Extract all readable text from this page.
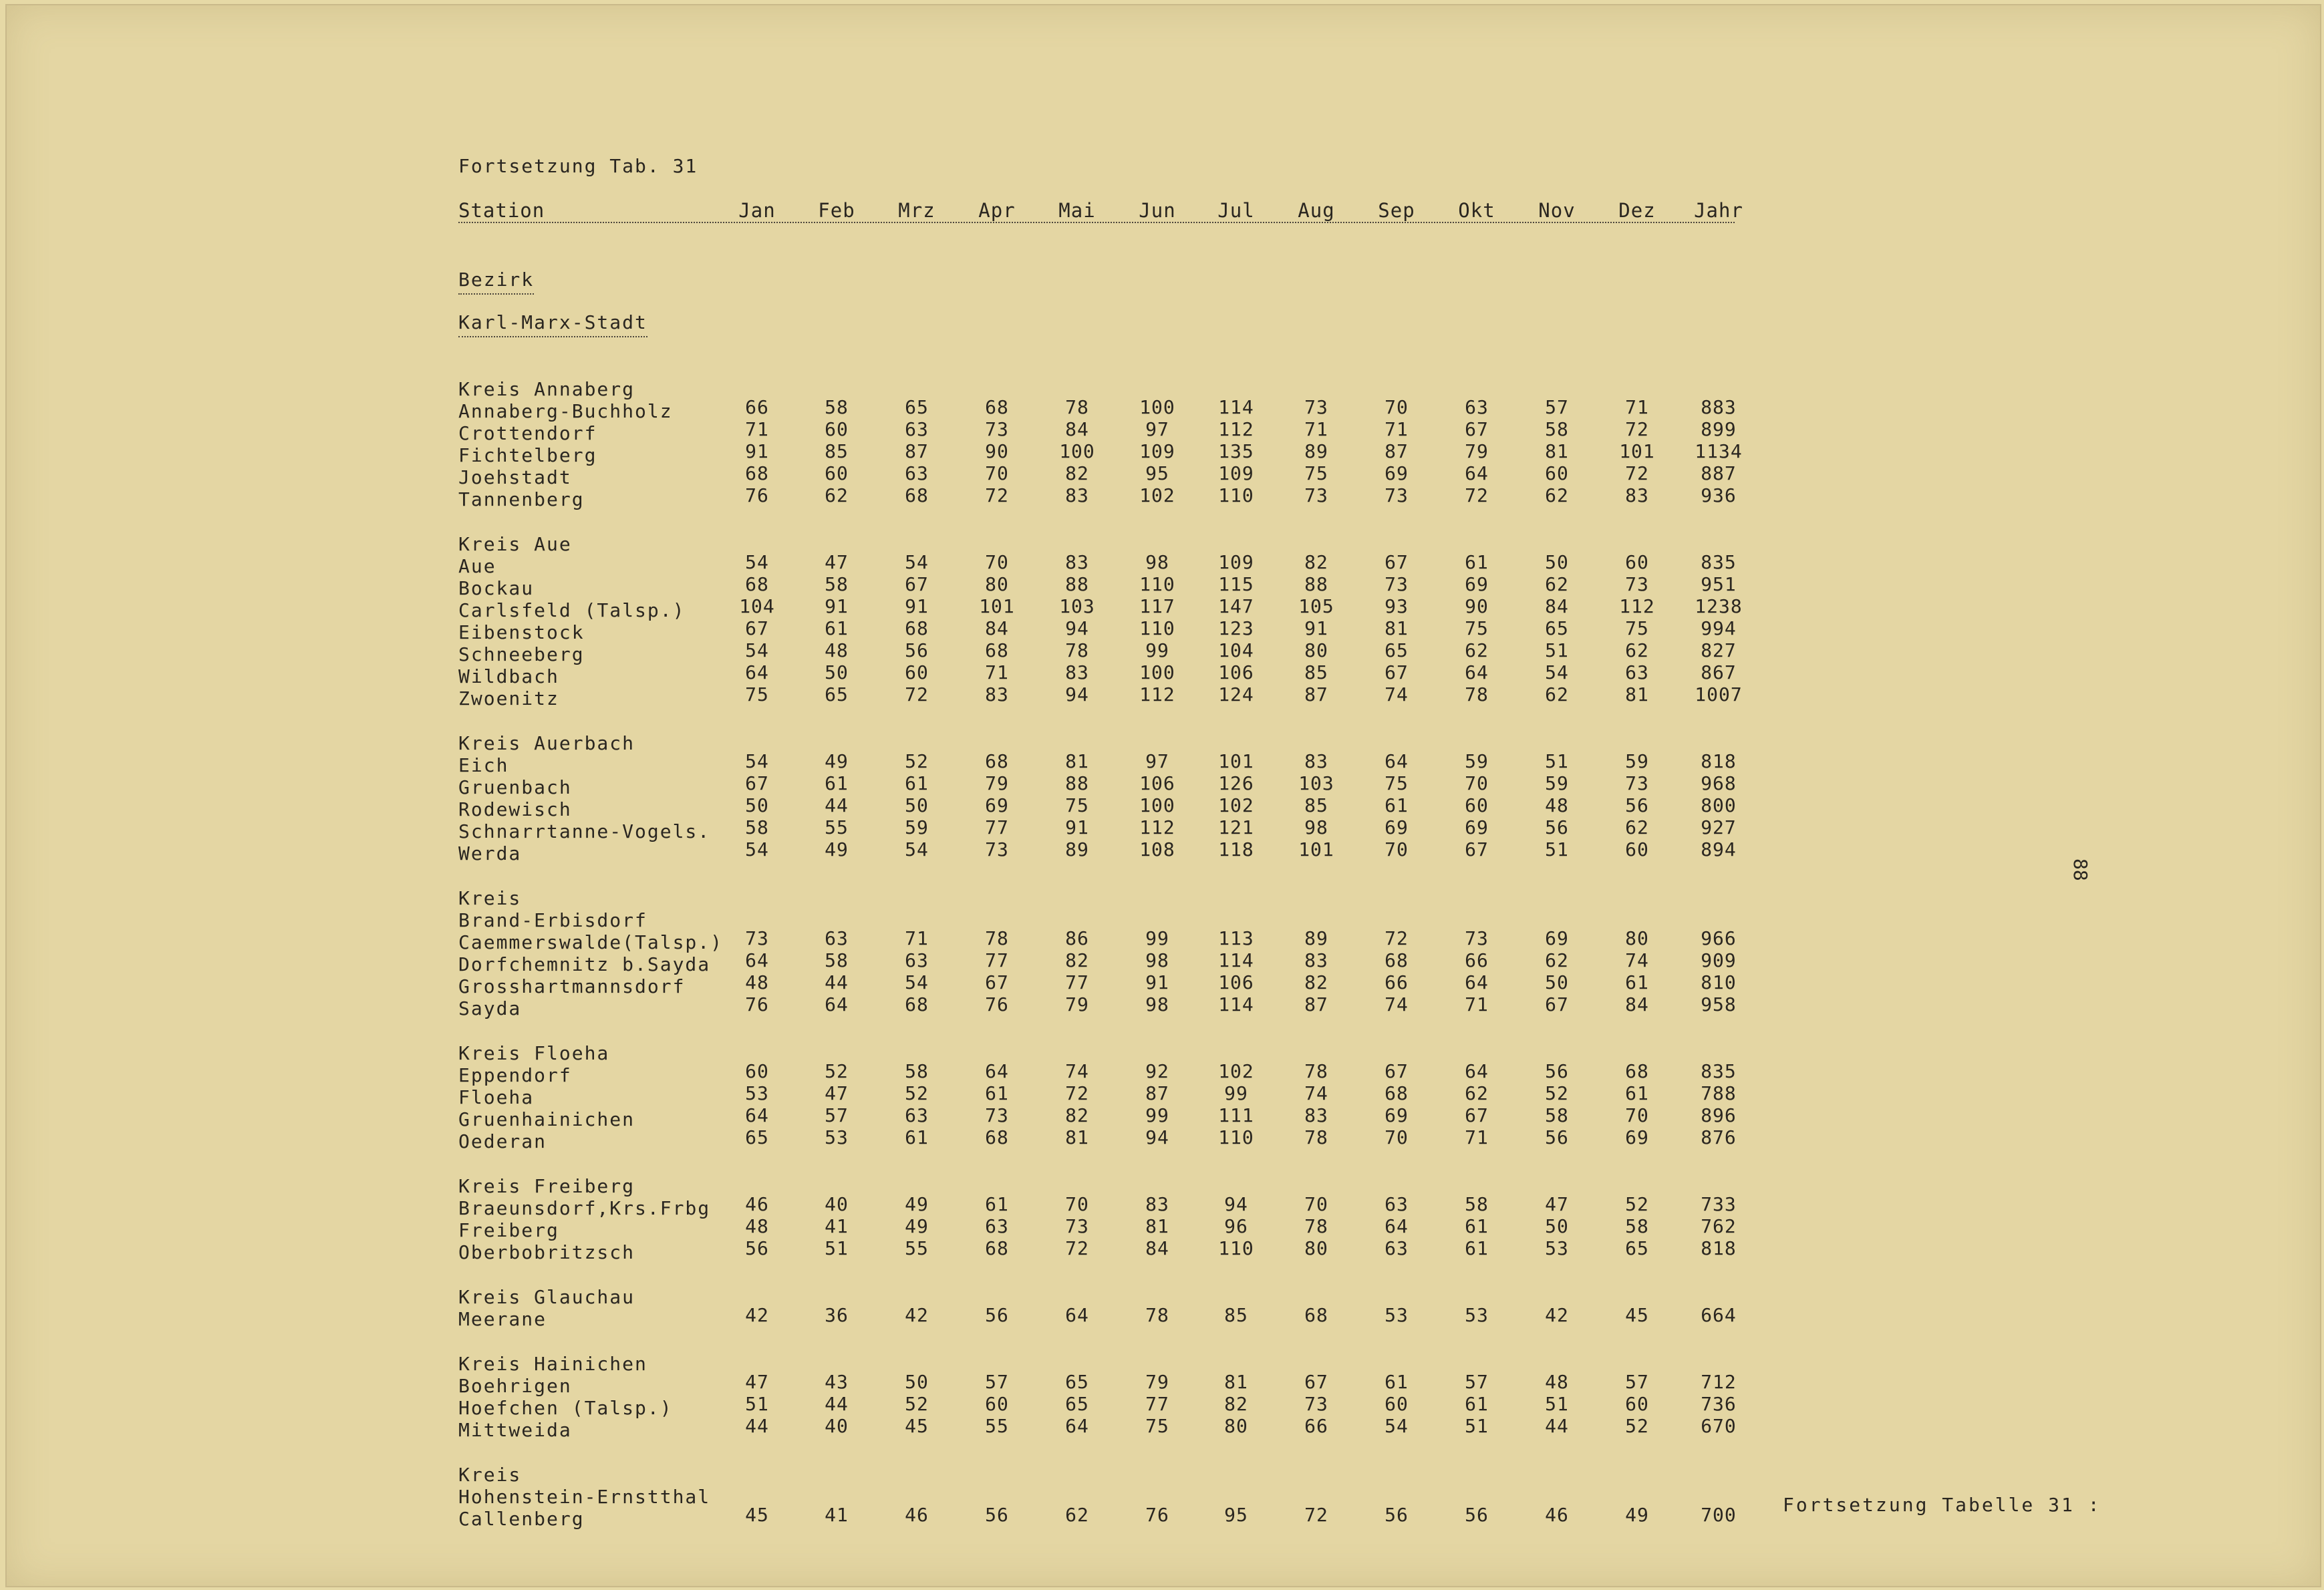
Fortsetzung Tab. 31
Station	Jan	Feb	Mrz	Apr	Mai	Jun	Jul	Aug	Sep	Okt	Nov	Dez	Jahr
Bezirk
Karl-Marx-Stadt
Kreis Annaberg
Annaberg-Buchholz	66	58	65	68	78	100	114	73	70	63	57	71	883
Crottendorf	71	60	63	73	84	97	112	71	71	67	58	72	899
Fichtelberg	91	85	87	90	100	109	135	89	87	79	81	101	1134
Joehstadt	68	60	63	70	82	95	109	75	69	64	60	72	887
Tannenberg	76	62	68	72	83	102	110	73	73	72	62	83	936
Kreis Aue
Aue	54	47	54	70	83	98	109	82	67	61	50	60	835
Bockau	68	58	67	80	88	110	115	88	73	69	62	73	951
Carlsfeld (Talsp.)	104	91	91	101	103	117	147	105	93	90	84	112	1238
Eibenstock	67	61	68	84	94	110	123	91	81	75	65	75	994
Schneeberg	54	48	56	68	78	99	104	80	65	62	51	62	827
Wildbach	64	50	60	71	83	100	106	85	67	64	54	63	867
Zwoenitz	75	65	72	83	94	112	124	87	74	78	62	81	1007
Kreis Auerbach
Eich	54	49	52	68	81	97	101	83	64	59	51	59	818
Gruenbach	67	61	61	79	88	106	126	103	75	70	59	73	968
Rodewisch	50	44	50	69	75	100	102	85	61	60	48	56	800
Schnarrtanne-Vogels.	58	55	59	77	91	112	121	98	69	69	56	62	927
Werda	54	49	54	73	89	108	118	101	70	67	51	60	894
Kreis
Brand-Erbisdorf
Caemmerswalde(Talsp.)	73	63	71	78	86	99	113	89	72	73	69	80	966
Dorfchemnitz b.Sayda	64	58	63	77	82	98	114	83	68	66	62	74	909
Grosshartmannsdorf	48	44	54	67	77	91	106	82	66	64	50	61	810
Sayda	76	64	68	76	79	98	114	87	74	71	67	84	958
Kreis Floeha
Eppendorf	60	52	58	64	74	92	102	78	67	64	56	68	835
Floeha	53	47	52	61	72	87	99	74	68	62	52	61	788
Gruenhainichen	64	57	63	73	82	99	111	83	69	67	58	70	896
Oederan	65	53	61	68	81	94	110	78	70	71	56	69	876
Kreis Freiberg
Braeunsdorf,Krs.Frbg	46	40	49	61	70	83	94	70	63	58	47	52	733
Freiberg	48	41	49	63	73	81	96	78	64	61	50	58	762
Oberbobritzsch	56	51	55	68	72	84	110	80	63	61	53	65	818
Kreis Glauchau
Meerane	42	36	42	56	64	78	85	68	53	53	42	45	664
Kreis Hainichen
Boehrigen	47	43	50	57	65	79	81	67	61	57	48	57	712
Hoefchen (Talsp.)	51	44	52	60	65	77	82	73	60	61	51	60	736
Mittweida	44	40	45	55	64	75	80	66	54	51	44	52	670
Kreis
Hohenstein-Ernstthal
Callenberg	45	41	46	56	62	76	95	72	56	56	46	49	700
88
Fortsetzung Tabelle 31 :
